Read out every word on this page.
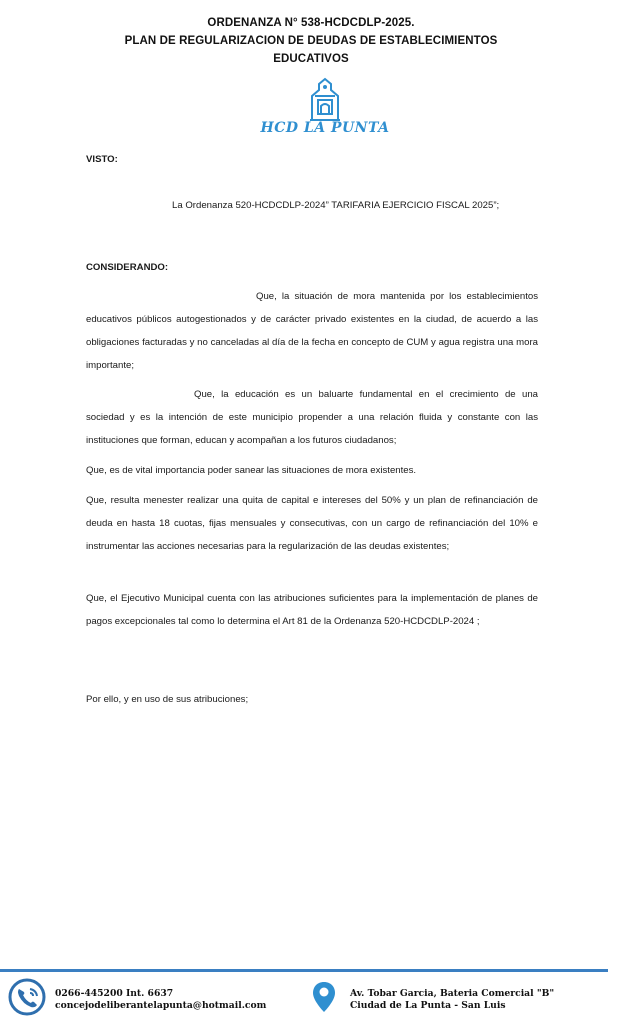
ORDENANZA N° 538-HCDCDLP-2025.
PLAN DE REGULARIZACION DE DEUDAS DE ESTABLECIMIENTOS
EDUCATIVOS
HCD LA PUNTA
VISTO:
La Ordenanza 520-HCDCDLP-2024” TARIFARIA EJERCICIO FISCAL 2025”;
CONSIDERANDO:

Que, la situación de mora mantenida por los establecimientos educativos públicos autogestionados y de carácter privado existentes en la ciudad, de acuerdo a las obligaciones facturadas y no canceladas al día de la fecha en concepto de CUM y agua registra una mora importante;

Que, la educación es un baluarte fundamental en el crecimiento de una sociedad y es la intención de este municipio propender a una relación fluida y constante con las instituciones que forman, educan y acompañan a los futuros ciudadanos;

Que, es de vital importancia poder sanear las situaciones de mora existentes.

Que, resulta menester realizar una quita de capital e intereses del 50% y un plan de refinanciación de deuda en hasta 18 cuotas, fijas mensuales y consecutivas, con un cargo de refinanciación del 10% e instrumentar las acciones necesarias para la regularización de las deudas existentes;

Que, el Ejecutivo Municipal cuenta con las atribuciones suficientes para la implementación de planes de pagos excepcionales tal como lo determina el Art 81 de la Ordenanza 520-HCDCDLP-2024 ;

Por ello, y en uso de sus atribuciones;
0266-445200 Int. 6637
concejodeliberantelapunta@hotmail.com
Av. Tobar Garcia, Bateria Comercial "B"
Ciudad de La Punta - San Luis
